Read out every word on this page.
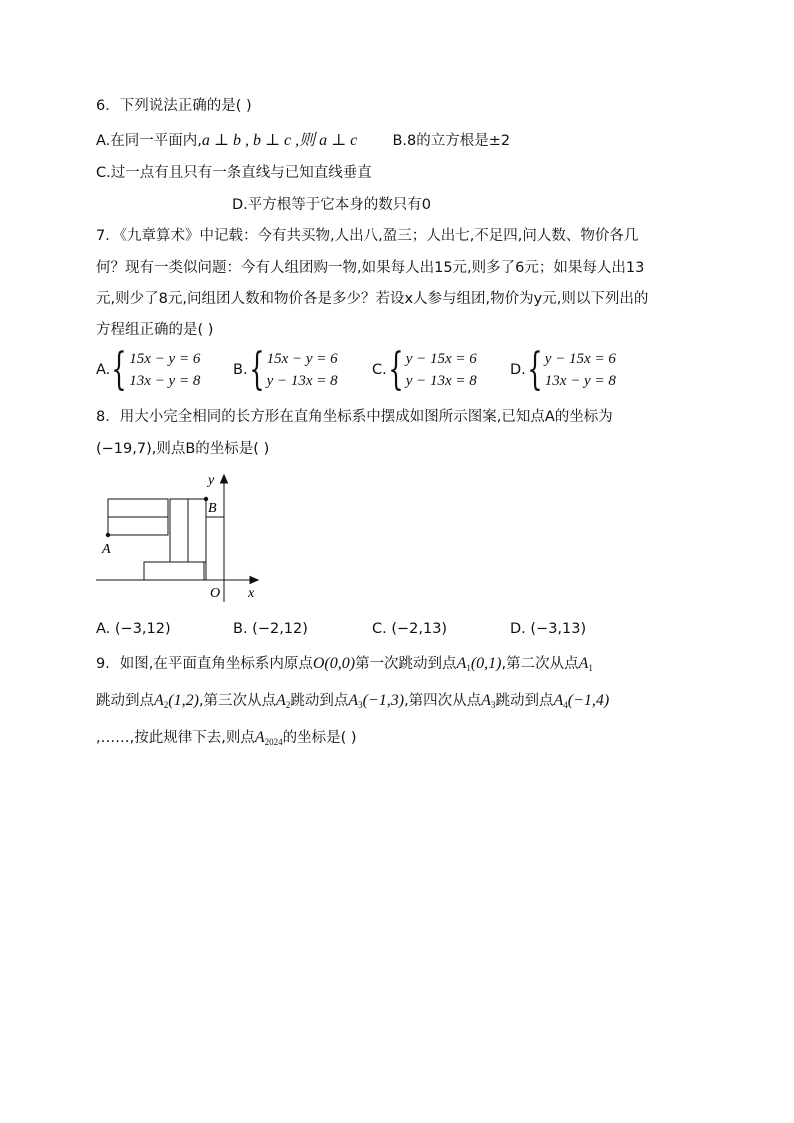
6．下列说法正确的是( )
A.在同一平面内,a ⊥ b , b ⊥ c ,则 a ⊥ c B.8的立方根是±2
C.过一点有且只有一条直线与已知直线垂直
D.平方根等于它本身的数只有0
7．《九章算术》中记载：今有共买物,人出八,盈三；人出七,不足四,问人数、物价各几
何？现有一类似问题：今有人组团购一物,如果每人出15元,则多了6元；如果每人出13
元,则少了8元,问组团人数和物价各是多少？若设x人参与组团,物价为y元,则以下列出的
方程组正确的是( )
A. { 15x − y = 6
13x − y = 8
B. { 15x − y = 6
y − 13x = 8
C. { y − 15x = 6
y − 13x = 8
D. { y − 15x = 6
13x − y = 8
8．用大小完全相同的长方形在直角坐标系中摆成如图所示图案,已知点A的坐标为
(−19,7),则点B的坐标是( )
A
B
O
y
x
A. (−3,12)	B. (−2,12)	C. (−2,13)	D. (−3,13)
9．如图,在平面直角坐标系内原点O(0,0)第一次跳动到点$A_1(0,1)$,第二次从点$A_1$
跳动到点$A_2(1,2)$,第三次从点$A_2$跳动到点$A_3(-1,3)$,第四次从点$A_3$跳动到点$A_4(-1,4)$
,……,按此规律下去,则点$A_{2024}$的坐标是( )
